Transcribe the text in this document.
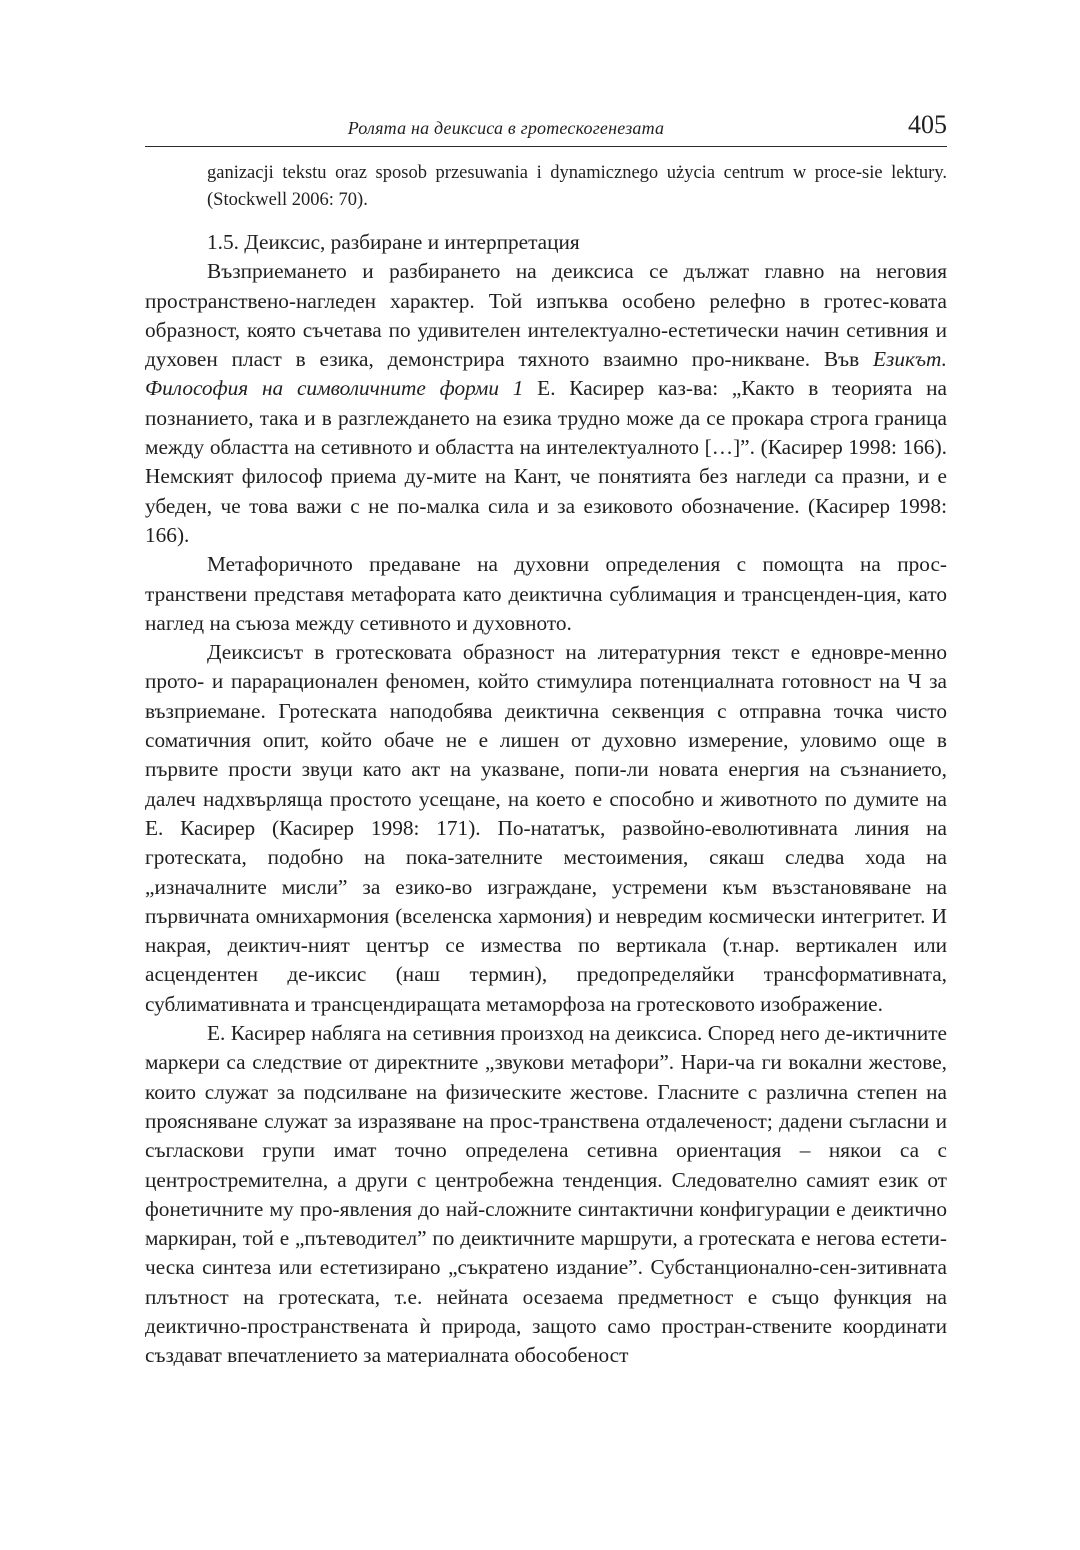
Ролята на деиксиса в гротескогенезата	405
ganizacji tekstu oraz sposob przesuwania i dynamicznego użycia centrum w proce-sie lektury. (Stockwell 2006: 70).
1.5. Деиксис, разбиране и интерпретация

Възприемането и разбирането на деиксиса се дължат главно на неговия пространствено-нагледен характер. Той изпъква особено релефно в гротес-ковата образност, която съчетава по удивителен интелектуално-естетически начин сетивния и духовен пласт в езика, демонстрира тяхното взаимно про-никване. Във Езикът. Философия на символичните форми 1 Е. Касирер каз-ва: „Както в теорията на познанието, така и в разглеждането на езика трудно може да се прокара строга граница между областта на сетивното и областта на интелектуалното […]”. (Касирер 1998: 166). Немският философ приема ду-мите на Кант, че понятията без нагледи са празни, и е убеден, че това важи с не по-малка сила и за езиковото обозначение. (Касирер 1998: 166).

Метафоричното предаване на духовни определения с помощта на прос-транствени представя метафората като деиктична сублимация и трансценден-ция, като наглед на съюза между сетивното и духовното.

Деиксисът в гротесковата образност на литературния текст е едновре-менно прото- и парарационален феномен, който стимулира потенциалната готовност на Ч за възприемане. Гротеската наподобява деиктична секвенция с отправна точка чисто соматичния опит, който обаче не е лишен от духовно измерение, уловимо още в първите прости звуци като акт на указване, попи-ли новата енергия на съзнанието, далеч надхвърляща простото усещане, на което е способно и животното по думите на Е. Касирер (Касирер 1998: 171). По-нататък, развойно-еволютивната линия на гротеската, подобно на пока-зателните местоимения, сякаш следва хода на „изначалните мисли” за езико-во изграждане, устремени към възстановяване на първичната омнихармония (вселенска хармония) и невредим космически интегритет. И накрая, деиктич-ният център се измества по вертикала (т.нар. вертикален или асцендентен де-иксис (наш термин), предопределяйки трансформативната, сублимативната и трансцендиращата метаморфоза на гротесковото изображение.

Е. Касирер набляга на сетивния произход на деиксиса. Според него де-иктичните маркери са следствие от директните „звукови метафори”. Нари-ча ги вокални жестове, които служат за подсилване на физическите жестове. Гласните с различна степен на проясняване служат за изразяване на прос-транствена отдалеченост; дадени съгласни и съгласкови групи имат точно определена сетивна ориентация – някои са с центростремителна, а други с центробежна тенденция. Следователно самият език от фонетичните му про-явления до най-сложните синтактични конфигурации е деиктично маркиран, той е „пътеводител” по деиктичните маршрути, а гротеската е негова естети-ческа синтеза или естетизирано „съкратено издание”. Субстанционално-сен-зитивната плътност на гротеската, т.е. нейната осезаема предметност е също функция на деиктично-пространствената ѝ природа, защото само простран-ствените координати създават впечатлението за материалната обособеност
